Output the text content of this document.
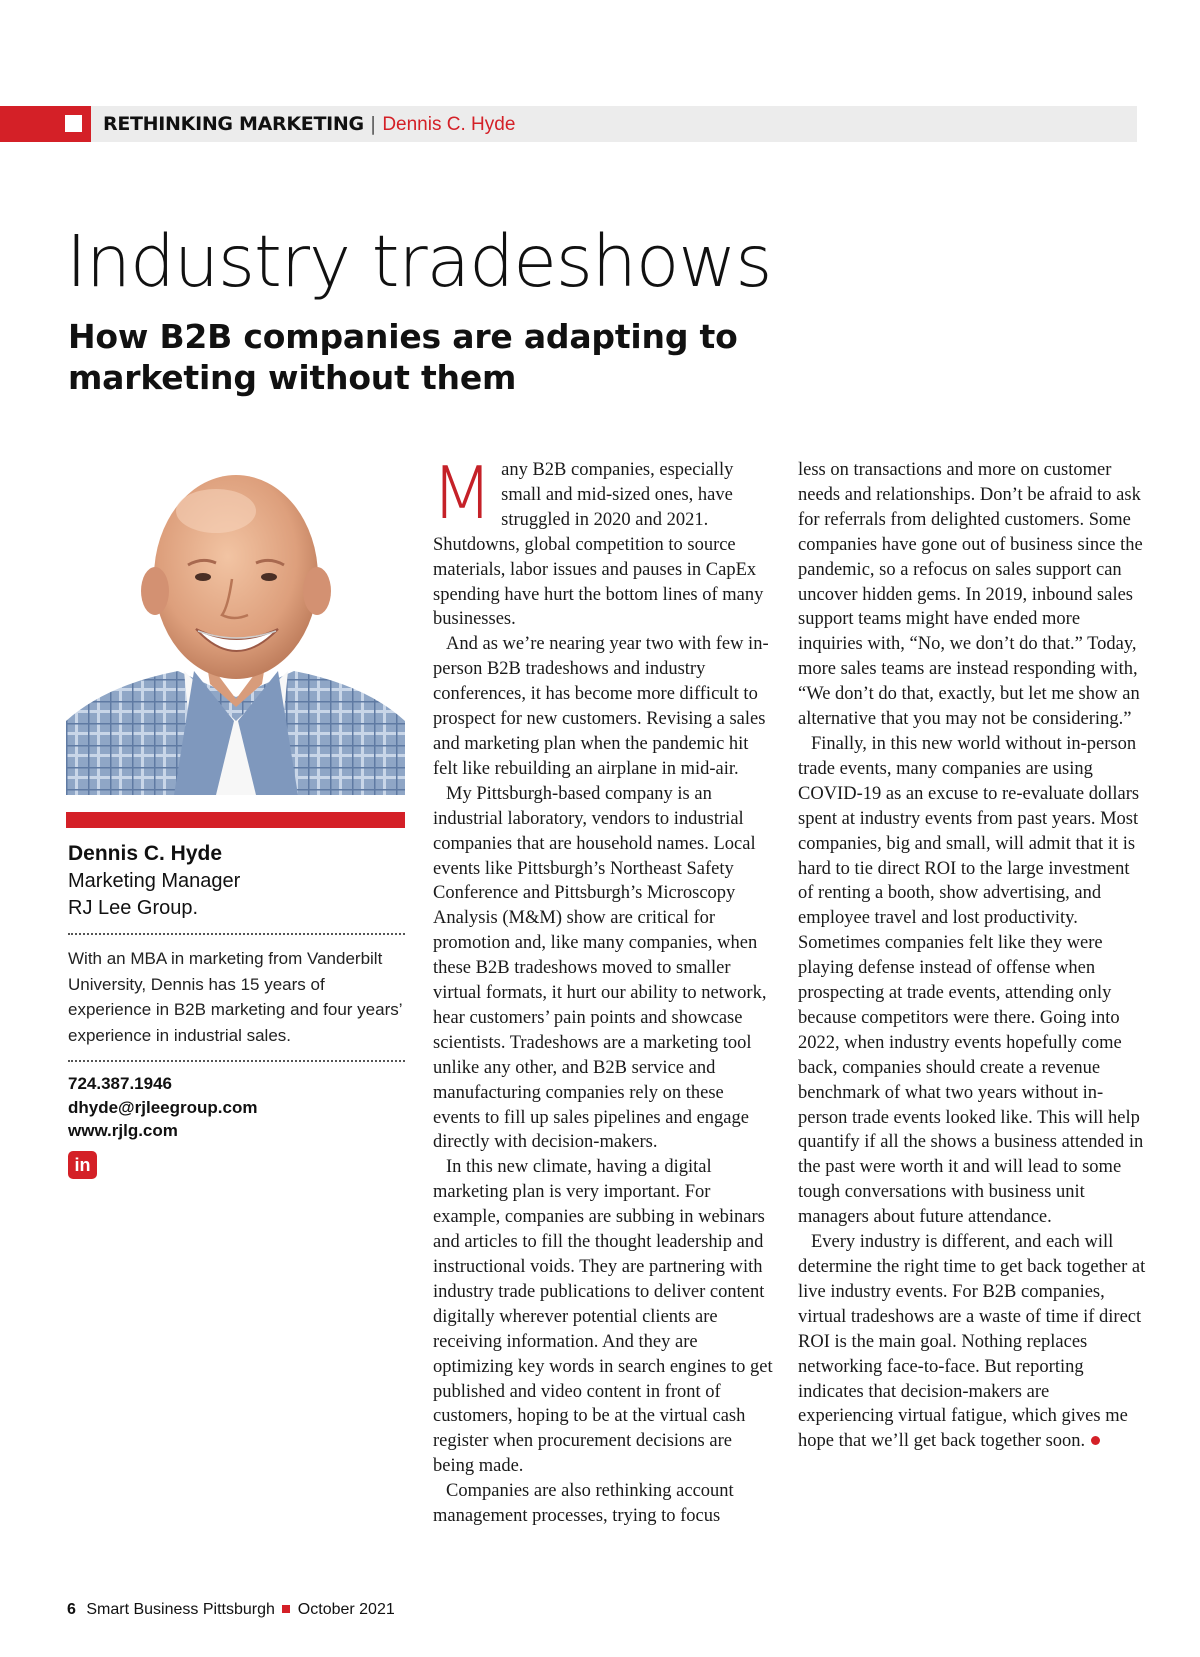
RETHINKING MARKETING | Dennis C. Hyde
Industry tradeshows
How B2B companies are adapting to marketing without them
Dennis C. Hyde
Marketing Manager
RJ Lee Group.
With an MBA in marketing from Vanderbilt University, Dennis has 15 years of experience in B2B marketing and four years’ experience in industrial sales.
724.387.1946
dhyde@rjleegroup.com
www.rjlg.com
in

Many B2B companies, especially small and mid-sized ones, have struggled in 2020 and 2021. Shutdowns, global competition to source materials, labor issues and pauses in CapEx spending have hurt the bottom lines of many businesses.

And as we’re nearing year two with few in-person B2B tradeshows and industry conferences, it has become more difficult to prospect for new customers. Revising a sales and marketing plan when the pandemic hit felt like rebuilding an airplane in mid-air.

My Pittsburgh-based company is an industrial laboratory, vendors to industrial companies that are household names. Local events like Pittsburgh’s Northeast Safety Conference and Pittsburgh’s Microscopy Analysis (M&M) show are critical for promotion and, like many companies, when these B2B tradeshows moved to smaller virtual formats, it hurt our ability to network, hear customers’ pain points and showcase scientists. Tradeshows are a marketing tool unlike any other, and B2B service and manufacturing companies rely on these events to fill up sales pipelines and engage directly with decision-makers.

In this new climate, having a digital marketing plan is very important. For example, companies are subbing in webinars and articles to fill the thought leadership and instructional voids. They are partnering with industry trade publications to deliver content digitally wherever potential clients are receiving information. And they are optimizing key words in search engines to get published and video content in front of customers, hoping to be at the virtual cash register when procurement decisions are being made.

Companies are also rethinking account management processes, trying to focus

less on transactions and more on customer needs and relationships. Don’t be afraid to ask for referrals from delighted customers. Some companies have gone out of business since the pandemic, so a refocus on sales support can uncover hidden gems. In 2019, inbound sales support teams might have ended more inquiries with, “No, we don’t do that.” Today, more sales teams are instead responding with, “We don’t do that, exactly, but let me show an alternative that you may not be considering.”

Finally, in this new world without in-person trade events, many companies are using COVID-19 as an excuse to re-evaluate dollars spent at industry events from past years. Most companies, big and small, will admit that it is hard to tie direct ROI to the large investment of renting a booth, show advertising, and employee travel and lost productivity. Sometimes companies felt like they were playing defense instead of offense when prospecting at trade events, attending only because competitors were there. Going into 2022, when industry events hopefully come back, companies should create a revenue benchmark of what two years without in-person trade events looked like. This will help quantify if all the shows a business attended in the past were worth it and will lead to some tough conversations with business unit managers about future attendance.

Every industry is different, and each will determine the right time to get back together at live industry events. For B2B companies, virtual tradeshows are a waste of time if direct ROI is the main goal. Nothing replaces networking face-to-face. But reporting indicates that decision-makers are experiencing virtual fatigue, which gives me hope that we’ll get back together soon.

6 Smart Business Pittsburgh October 2021
